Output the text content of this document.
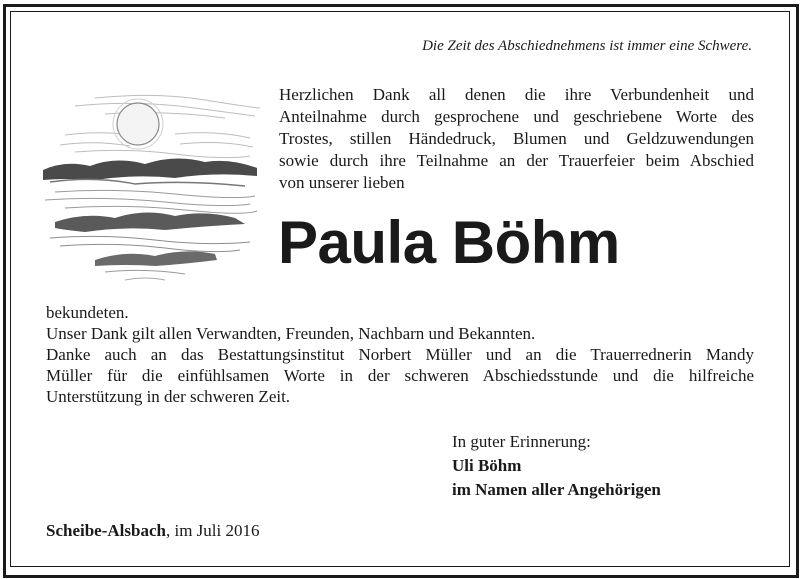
Die Zeit des Abschiednehmens ist immer eine Schwere.
Herzlichen Dank all denen die ihre Verbundenheit und
Anteilnahme durch gesprochene und geschriebene Worte des
Trostes, stillen Händedruck, Blumen und Geldzuwendungen
sowie durch ihre Teilnahme an der Trauerfeier beim Abschied
von unserer lieben
Paula Böhm
bekundeten.
Unser Dank gilt allen Verwandten, Freunden, Nachbarn und Bekannten.
Danke auch an das Bestattungsinstitut Norbert Müller und an die Trauerrednerin Mandy
Müller für die einfühlsamen Worte in der schweren Abschiedsstunde und die hilfreiche
Unterstützung in der schweren Zeit.
In guter Erinnerung:
Uli Böhm
im Namen aller Angehörigen
Scheibe-Alsbach, im Juli 2016
